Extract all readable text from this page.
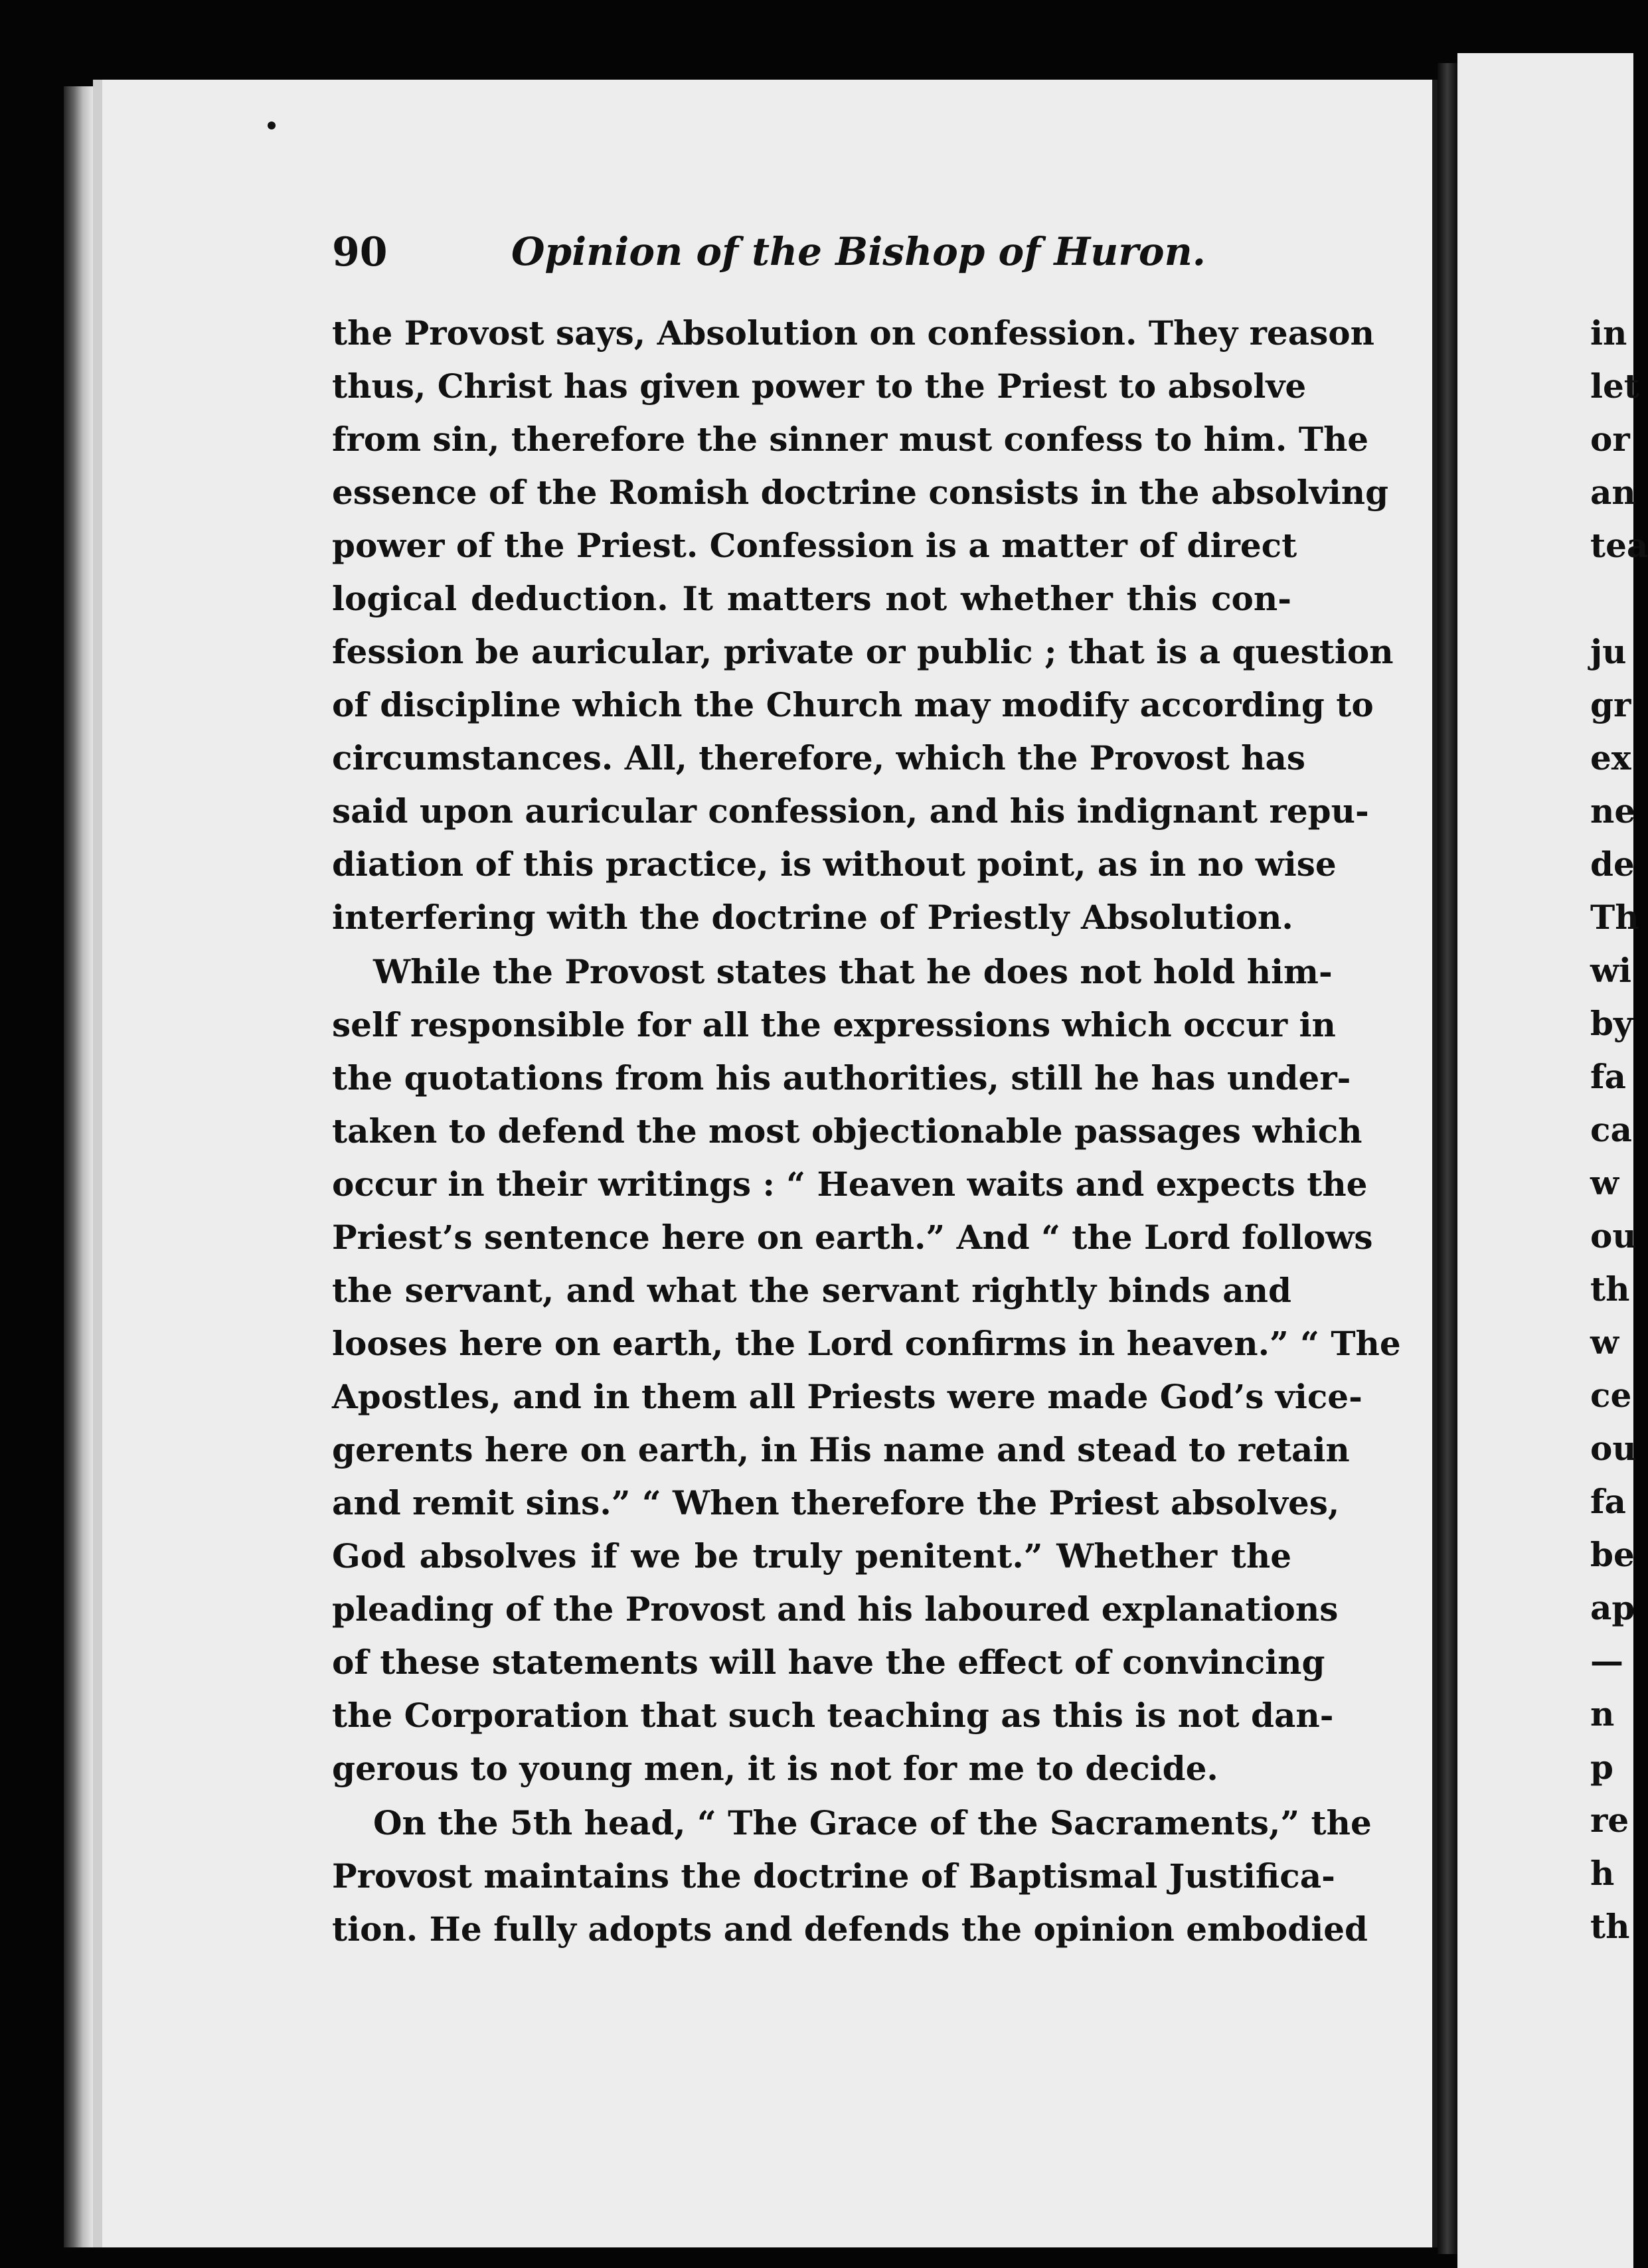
90	Opinion of the Bishop of Huron.
the Provost says, Absolution on confession. They reason
thus, Christ has given power to the Priest to absolve
from sin, therefore the sinner must confess to him. The
essence of the Romish doctrine consists in the absolving
power of the Priest. Confession is a matter of direct
logical deduction. It matters not whether this con-
fession be auricular, private or public ; that is a question
of discipline which the Church may modify according to
circumstances. All, therefore, which the Provost has
said upon auricular confession, and his indignant repu-
diation of this practice, is without point, as in no wise
interfering with the doctrine of Priestly Absolution.
While the Provost states that he does not hold him-
self responsible for all the expressions which occur in
the quotations from his authorities, still he has under-
taken to defend the most objectionable passages which
occur in their writings : “ Heaven waits and expects the
Priest’s sentence here on earth.” And “ the Lord follows
the servant, and what the servant rightly binds and
looses here on earth, the Lord confirms in heaven.” “ The
Apostles, and in them all Priests were made God’s vice-
gerents here on earth, in His name and stead to retain
and remit sins.” “ When therefore the Priest absolves,
God absolves if we be truly penitent.” Whether the
pleading of the Provost and his laboured explanations
of these statements will have the effect of convincing
the Corporation that such teaching as this is not dan-
gerous to young men, it is not for me to decide.
On the 5th head, “ The Grace of the Sacraments,” the
Provost maintains the doctrine of Baptismal Justifica-
tion. He fully adopts and defends the opinion embodied
in
let
or
an
tea
ju
gr
ex
ne
de
Th
wi
by
fa
ca
w
ou
th
w
ce
ou
fa
be
ap
—
n
p
re
h
th
